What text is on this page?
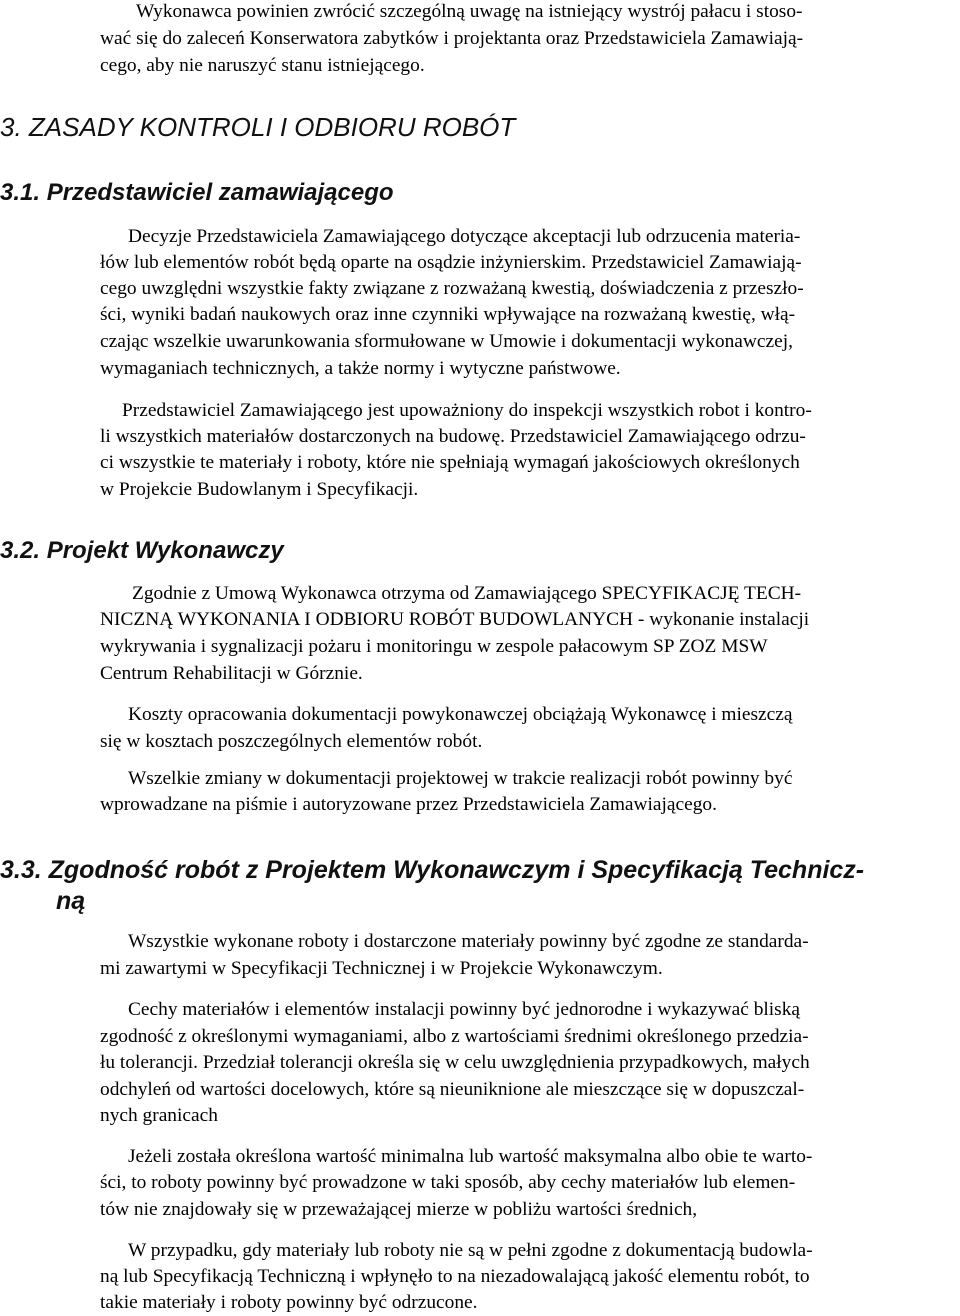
Wykonawca powinien zwrócić szczególną uwagę na istniejący wystrój pałacu i stoso-
wać się do zaleceń Konserwatora zabytków i projektanta oraz Przedstawiciela Zamawiają-
cego, aby nie naruszyć stanu istniejącego.
3. ZASADY KONTROLI I ODBIORU ROBÓT
3.1. Przedstawiciel zamawiającego
Decyzje Przedstawiciela Zamawiającego dotyczące akceptacji lub odrzucenia materia-
łów lub elementów robót będą oparte na osądzie inżynierskim. Przedstawiciel Zamawiają-
cego uwzględni wszystkie fakty związane z rozważaną kwestią, doświadczenia z przeszło-
ści, wyniki badań naukowych oraz inne czynniki wpływające na rozważaną kwestię, włą-
czając wszelkie uwarunkowania sformułowane w Umowie i dokumentacji wykonawczej,
wymaganiach technicznych, a także normy i wytyczne państwowe.
Przedstawiciel Zamawiającego jest upoważniony do inspekcji wszystkich robot i kontro-
li wszystkich materiałów dostarczonych na budowę. Przedstawiciel Zamawiającego odrzu-
ci wszystkie te materiały i roboty, które nie spełniają wymagań jakościowych określonych
w Projekcie Budowlanym i Specyfikacji.
3.2. Projekt Wykonawczy
Zgodnie z Umową Wykonawca otrzyma od Zamawiającego SPECYFIKACJĘ TECH-
NICZNĄ WYKONANIA I ODBIORU ROBÓT BUDOWLANYCH - wykonanie instalacji
wykrywania i sygnalizacji pożaru i monitoringu w zespole pałacowym SP ZOZ MSW
Centrum Rehabilitacji w Górznie.
Koszty opracowania dokumentacji powykonawczej obciążają Wykonawcę i mieszczą
się w kosztach poszczególnych elementów robót.
Wszelkie zmiany w dokumentacji projektowej w trakcie realizacji robót powinny być
wprowadzane na piśmie i autoryzowane przez Przedstawiciela Zamawiającego.
3.3. Zgodność robót z Projektem Wykonawczym i Specyfikacją Technicz-
ną
Wszystkie wykonane roboty i dostarczone materiały powinny być zgodne ze standarda-
mi zawartymi w Specyfikacji Technicznej i w Projekcie Wykonawczym.
Cechy materiałów i elementów instalacji powinny być jednorodne i wykazywać bliską
zgodność z określonymi wymaganiami, albo z wartościami średnimi określonego przedzia-
łu tolerancji. Przedział tolerancji określa się w celu uwzględnienia przypadkowych, małych
odchyleń od wartości docelowych, które są nieuniknione ale mieszczące się w dopuszczal-
nych granicach
Jeżeli została określona wartość minimalna lub wartość maksymalna albo obie te warto-
ści, to roboty powinny być prowadzone w taki sposób, aby cechy materiałów lub elemen-
tów nie znajdowały się w przeważającej mierze w pobliżu wartości średnich,
W przypadku, gdy materiały lub roboty nie są w pełni zgodne z dokumentacją budowla-
ną lub Specyfikacją Techniczną i wpłynęło to na niezadowalającą jakość elementu robót, to
takie materiały i roboty powinny być odrzucone.
